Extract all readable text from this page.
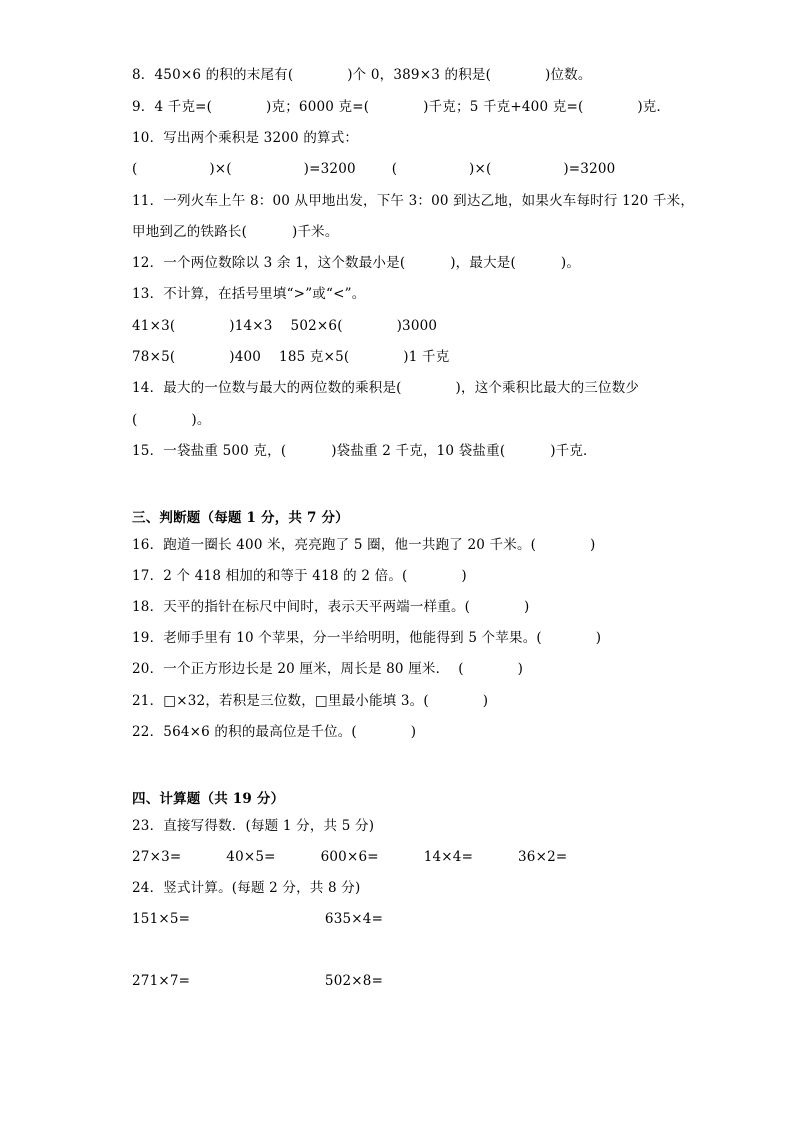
8．450×6 的积的末尾有(            )个 0，389×3 的积是(            )位数。
9．4 千克=(            )克；6000 克=(            )千克；5 千克+400 克=(            )克．
10．写出两个乘积是 3200 的算式：
(                )×(                )=3200        (                )×(                )=3200
11．一列火车上午 8：00 从甲地出发，下午 3：00 到达乙地，如果火车每时行 120 千米，
甲地到乙的铁路长(          )千米。
12．一个两位数除以 3 余 1，这个数最小是(          )，最大是(          )。
13．不计算，在括号里填“>”或“<”。
41×3(            )14×3    502×6(            )3000
78×5(            )400    185 克×5(            )1 千克
14．最大的一位数与最大的两位数的乘积是(            )，这个乘积比最大的三位数少
(            )。
15．一袋盐重 500 克，(          )袋盐重 2 千克，10 袋盐重(          )千克．
三、判断题（每题 1 分，共 7 分）
16．跑道一圈长 400 米，亮亮跑了 5 圈，他一共跑了 20 千米。(            )
17．2 个 418 相加的和等于 418 的 2 倍。(            )
18．天平的指针在标尺中间时，表示天平两端一样重。(            )
19．老师手里有 10 个苹果，分一半给明明，他能得到 5 个苹果。(            )
20．一个正方形边长是 20 厘米，周长是 80 厘米．  (            )
21．□×32，若积是三位数，□里最小能填 3。(            )
22．564×6 的积的最高位是千位。(            )
四、计算题（共 19 分）
23．直接写得数．(每题 1 分，共 5 分)
27×3=          40×5=          600×6=          14×4=          36×2=
24．竖式计算。(每题 2 分，共 8 分)
151×5=                              635×4=
271×7=                              502×8=
